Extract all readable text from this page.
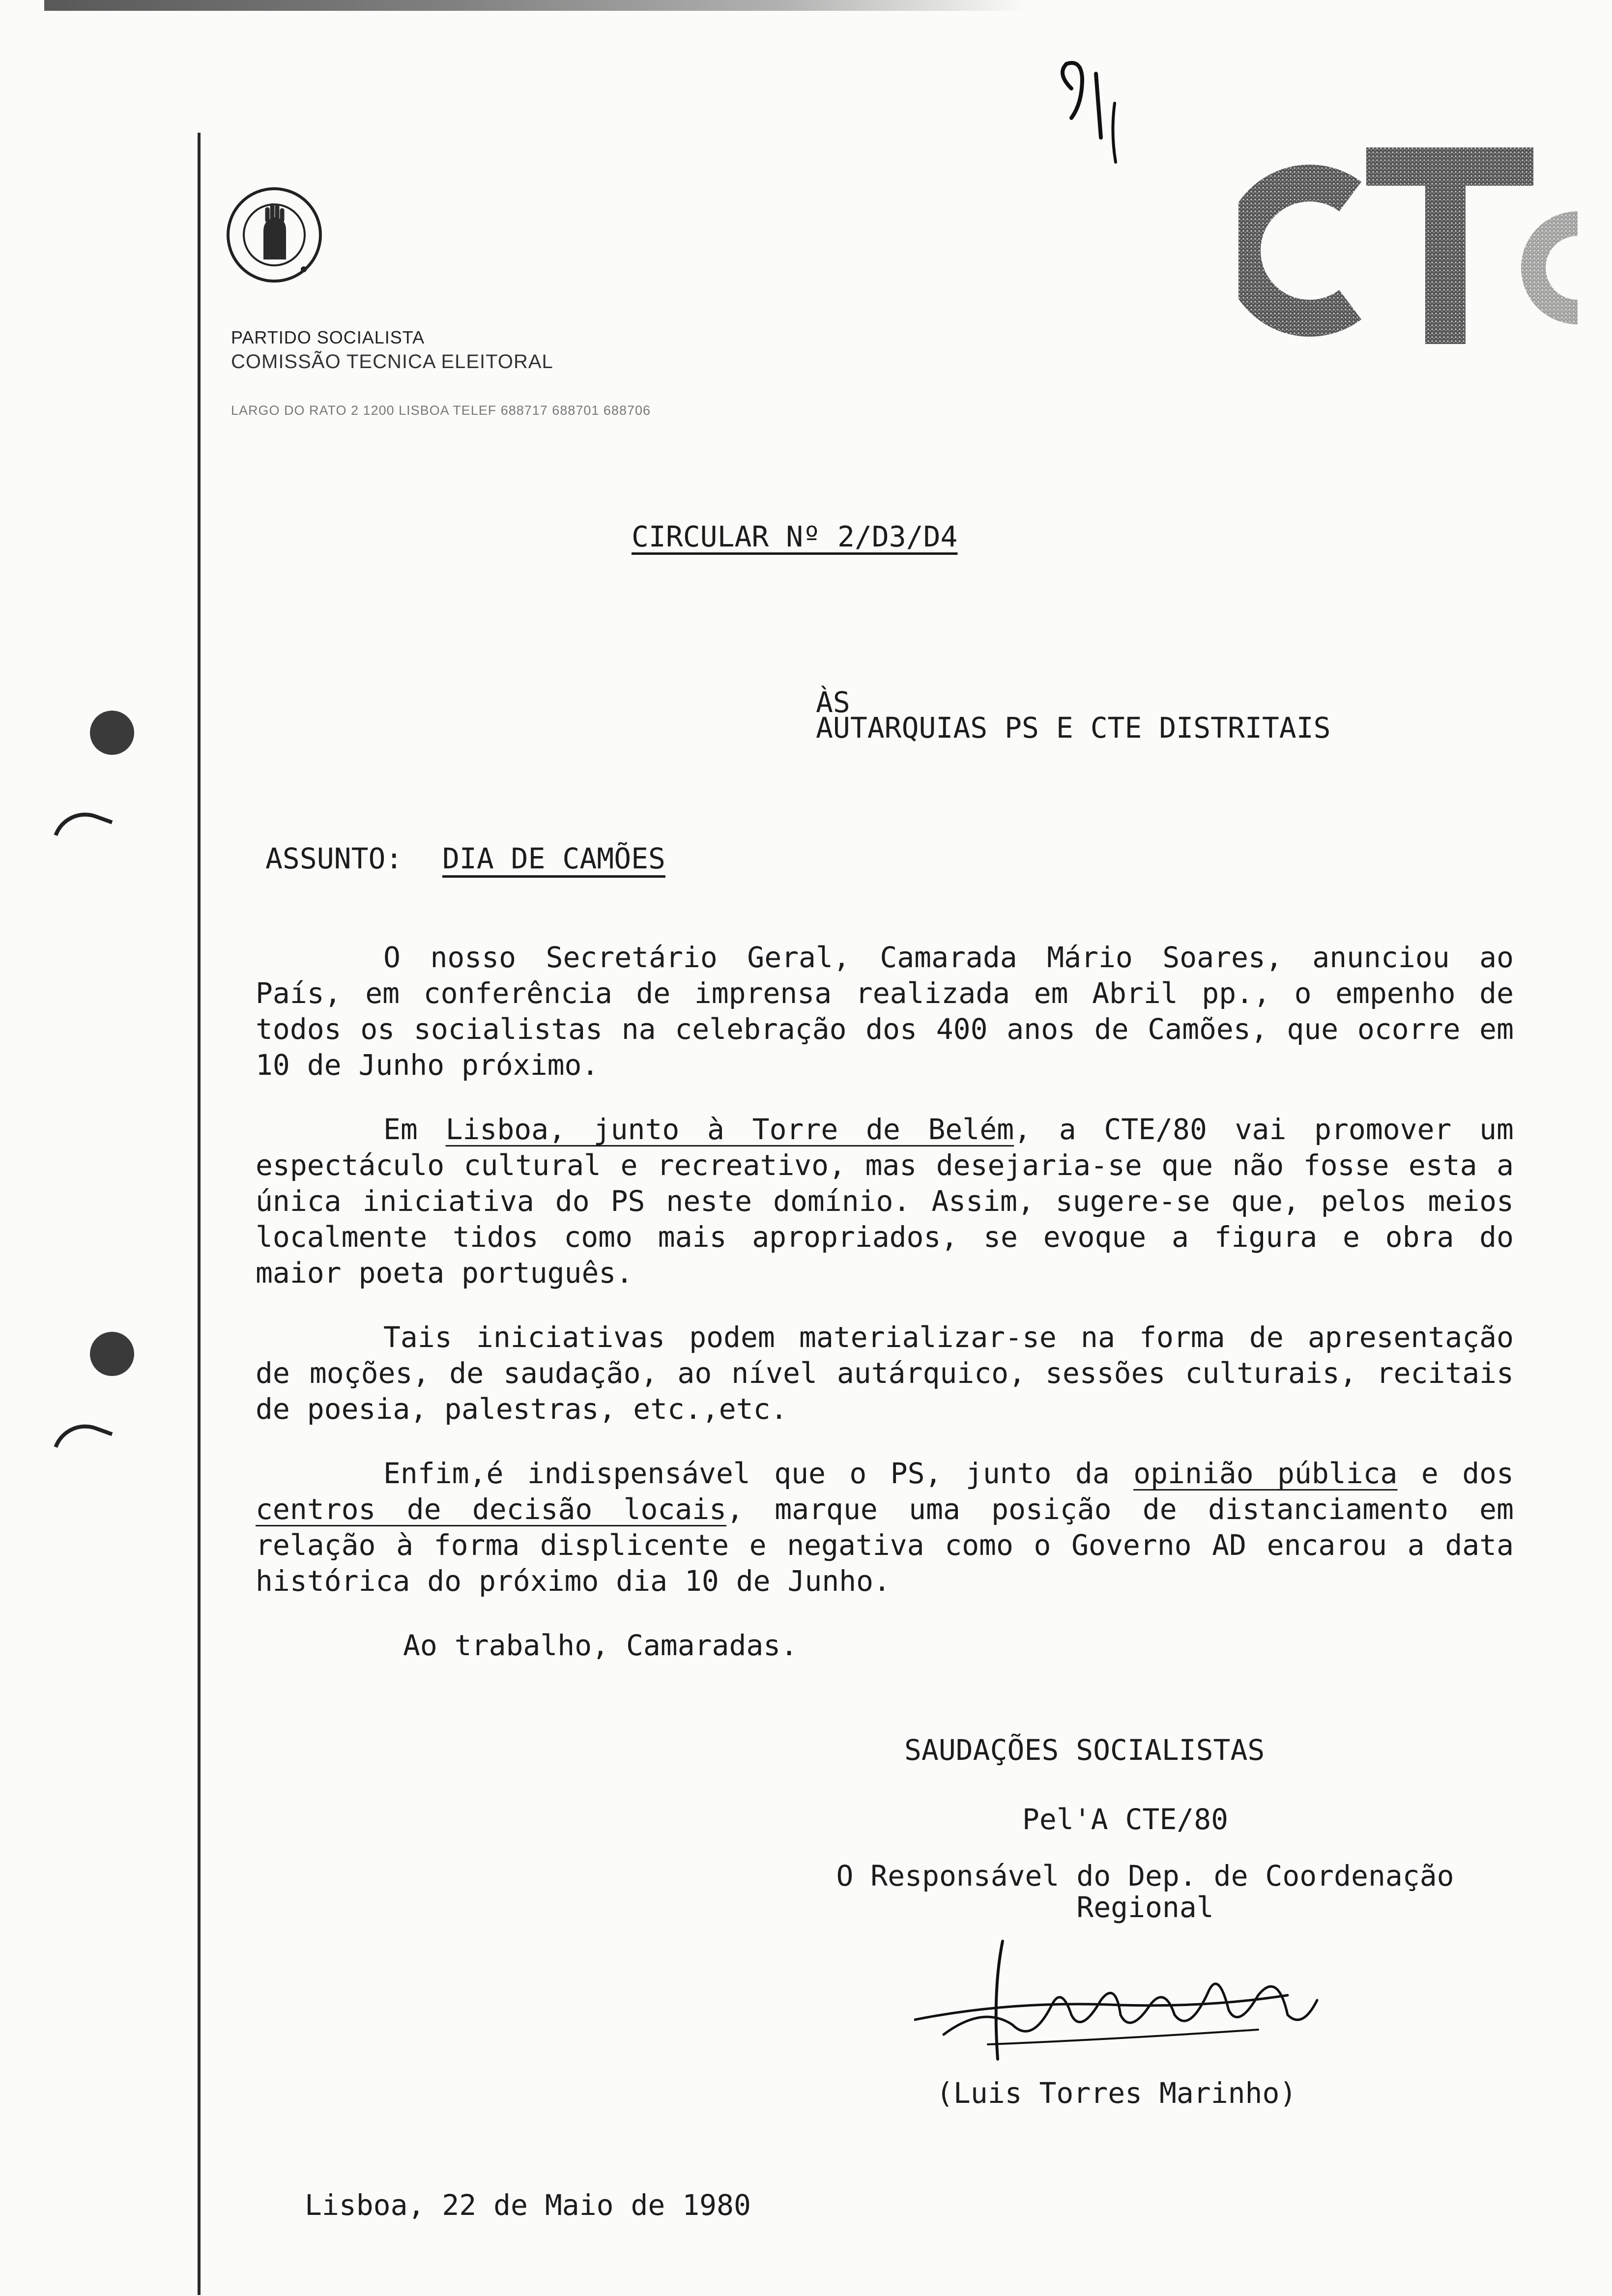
PARTIDO SOCIALISTA
COMISSÃO TECNICA ELEITORAL
LARGO DO RATO 2 1200 LISBOA TELEF 688717 688701 688706
CIRCULAR Nº 2/D3/D4
ÀS
AUTARQUIAS PS E CTE DISTRITAIS
ASSUNTO: DIA DE CAMÕES

O nosso Secretário Geral, Camarada Mário Soares, anunciou ao País, em conferência de imprensa realizada em Abril pp., o empenho de todos os socialistas na celebração dos 400 anos de Camões, que ocorre em 10 de Junho próximo.

Em Lisboa, junto à Torre de Belém, a CTE/80 vai promover um espectáculo cultural e recreativo, mas desejaria-se que não fosse esta a única iniciativa do PS neste domínio. Assim, sugere-se que, pelos meios localmente tidos como mais apropriados, se evoque a figura e obra do maior poeta português.

Tais iniciativas podem materializar-se na forma de apresentação de moções, de saudação, ao nível autárquico, sessões culturais, recitais de poesia, palestras, etc.,etc.

Enfim,é indispensável que o PS, junto da opinião pública e dos centros de decisão locais, marque uma posição de distanciamento em relação à forma displicente e negativa como o Governo AD encarou a data histórica do próximo dia 10 de Junho.

Ao trabalho, Camaradas.

SAUDAÇÕES SOCIALISTAS
Pel'A CTE/80
O Responsável do Dep. de Coordenação Regional
(Luis Torres Marinho)
Lisboa, 22 de Maio de 1980
